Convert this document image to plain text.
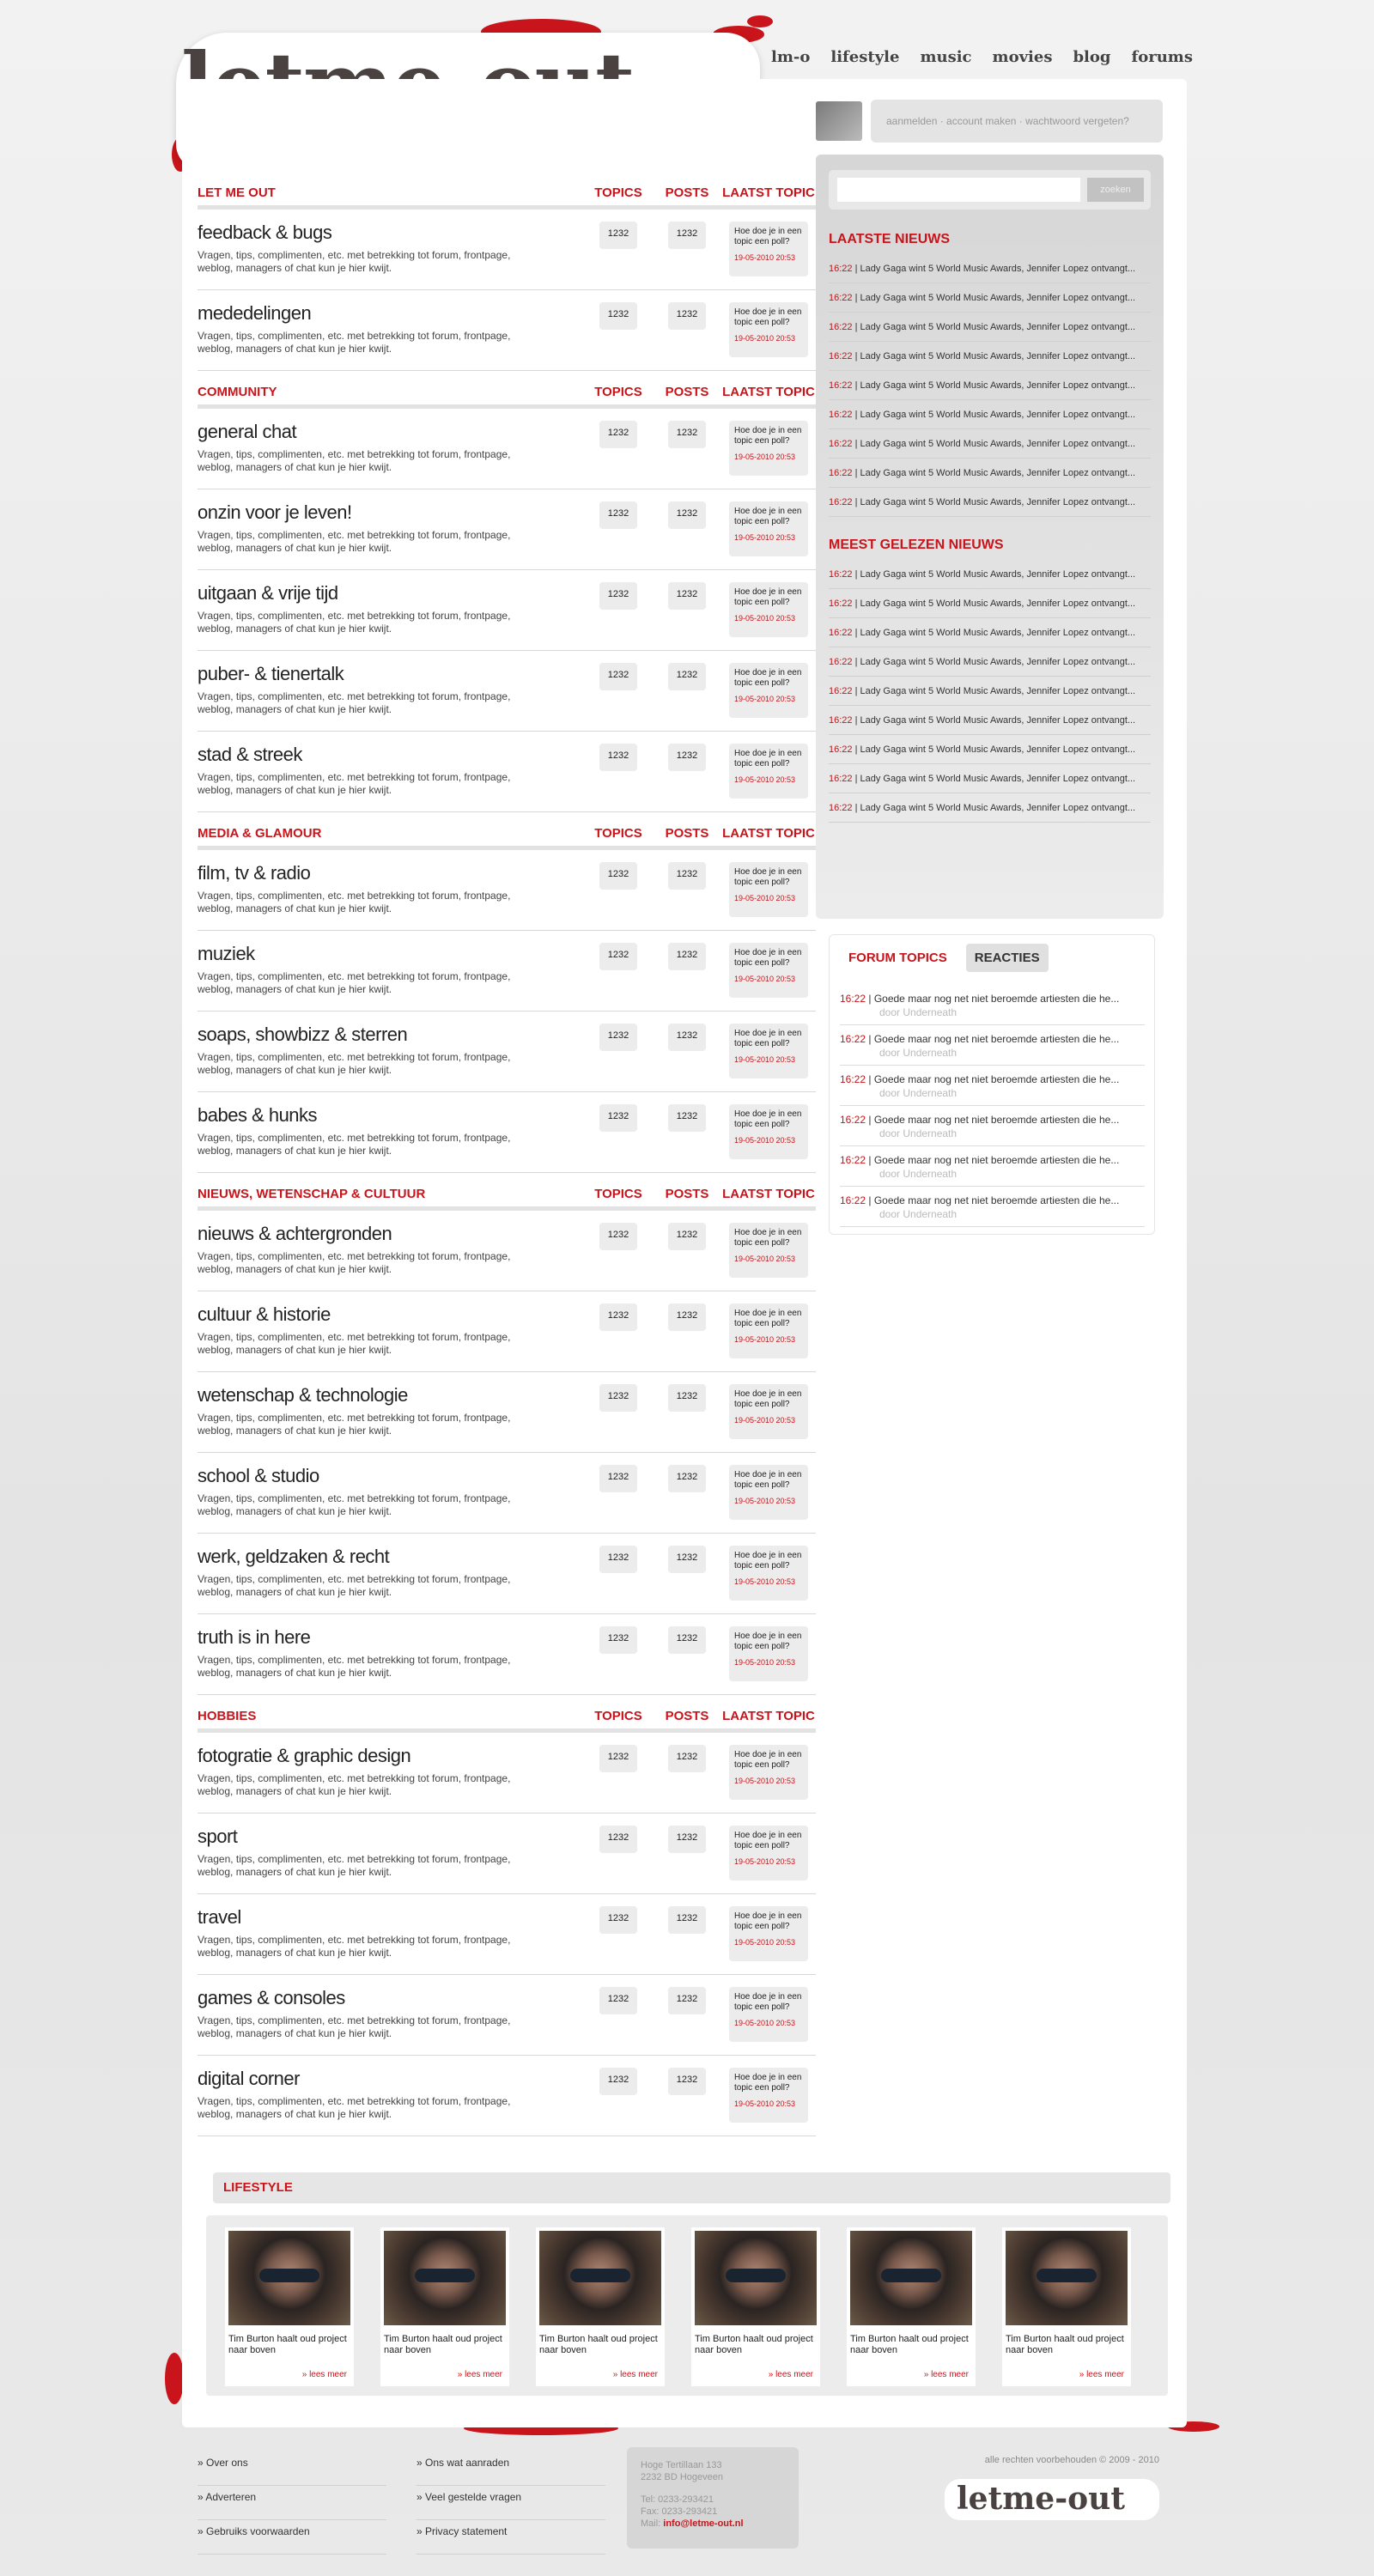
lm-o lifestyle music movies blog forums
aanmelden · account maken · wachtwoord vergeten?
LET ME OUT	TOPICS	POSTS	LAATST TOPIC
feedback & bugs
Vragen, tips, complimenten, etc. met betrekking tot forum, frontpage, weblog, managers of chat kun je hier kwijt.
1232	1232	Hoe doe je in een topic een poll?
19-05-2010 20:53
mededelingen
Vragen, tips, complimenten, etc. met betrekking tot forum, frontpage, weblog, managers of chat kun je hier kwijt.
1232	1232	Hoe doe je in een topic een poll?
19-05-2010 20:53
COMMUNITY	TOPICS	POSTS	LAATST TOPIC
general chat
Vragen, tips, complimenten, etc. met betrekking tot forum, frontpage, weblog, managers of chat kun je hier kwijt.
1232	1232	Hoe doe je in een topic een poll?
19-05-2010 20:53
onzin voor je leven!
Vragen, tips, complimenten, etc. met betrekking tot forum, frontpage, weblog, managers of chat kun je hier kwijt.
1232	1232	Hoe doe je in een topic een poll?
19-05-2010 20:53
uitgaan & vrije tijd
Vragen, tips, complimenten, etc. met betrekking tot forum, frontpage, weblog, managers of chat kun je hier kwijt.
1232	1232	Hoe doe je in een topic een poll?
19-05-2010 20:53
puber- & tienertalk
Vragen, tips, complimenten, etc. met betrekking tot forum, frontpage, weblog, managers of chat kun je hier kwijt.
1232	1232	Hoe doe je in een topic een poll?
19-05-2010 20:53
stad & streek
Vragen, tips, complimenten, etc. met betrekking tot forum, frontpage, weblog, managers of chat kun je hier kwijt.
1232	1232	Hoe doe je in een topic een poll?
19-05-2010 20:53
MEDIA & GLAMOUR	TOPICS	POSTS	LAATST TOPIC
film, tv & radio
Vragen, tips, complimenten, etc. met betrekking tot forum, frontpage, weblog, managers of chat kun je hier kwijt.
1232	1232	Hoe doe je in een topic een poll?
19-05-2010 20:53
muziek
Vragen, tips, complimenten, etc. met betrekking tot forum, frontpage, weblog, managers of chat kun je hier kwijt.
1232	1232	Hoe doe je in een topic een poll?
19-05-2010 20:53
soaps, showbizz & sterren
Vragen, tips, complimenten, etc. met betrekking tot forum, frontpage, weblog, managers of chat kun je hier kwijt.
1232	1232	Hoe doe je in een topic een poll?
19-05-2010 20:53
babes & hunks
Vragen, tips, complimenten, etc. met betrekking tot forum, frontpage, weblog, managers of chat kun je hier kwijt.
1232	1232	Hoe doe je in een topic een poll?
19-05-2010 20:53
NIEUWS, WETENSCHAP & CULTUUR	TOPICS	POSTS	LAATST TOPIC
nieuws & achtergronden
Vragen, tips, complimenten, etc. met betrekking tot forum, frontpage, weblog, managers of chat kun je hier kwijt.
1232	1232	Hoe doe je in een topic een poll?
19-05-2010 20:53
cultuur & historie
Vragen, tips, complimenten, etc. met betrekking tot forum, frontpage, weblog, managers of chat kun je hier kwijt.
1232	1232	Hoe doe je in een topic een poll?
19-05-2010 20:53
wetenschap & technologie
Vragen, tips, complimenten, etc. met betrekking tot forum, frontpage, weblog, managers of chat kun je hier kwijt.
1232	1232	Hoe doe je in een topic een poll?
19-05-2010 20:53
school & studio
Vragen, tips, complimenten, etc. met betrekking tot forum, frontpage, weblog, managers of chat kun je hier kwijt.
1232	1232	Hoe doe je in een topic een poll?
19-05-2010 20:53
werk, geldzaken & recht
Vragen, tips, complimenten, etc. met betrekking tot forum, frontpage, weblog, managers of chat kun je hier kwijt.
1232	1232	Hoe doe je in een topic een poll?
19-05-2010 20:53
truth is in here
Vragen, tips, complimenten, etc. met betrekking tot forum, frontpage, weblog, managers of chat kun je hier kwijt.
1232	1232	Hoe doe je in een topic een poll?
19-05-2010 20:53
HOBBIES	TOPICS	POSTS	LAATST TOPIC
fotogratie & graphic design
Vragen, tips, complimenten, etc. met betrekking tot forum, frontpage, weblog, managers of chat kun je hier kwijt.
1232	1232	Hoe doe je in een topic een poll?
19-05-2010 20:53
sport
Vragen, tips, complimenten, etc. met betrekking tot forum, frontpage, weblog, managers of chat kun je hier kwijt.
1232	1232	Hoe doe je in een topic een poll?
19-05-2010 20:53
travel
Vragen, tips, complimenten, etc. met betrekking tot forum, frontpage, weblog, managers of chat kun je hier kwijt.
1232	1232	Hoe doe je in een topic een poll?
19-05-2010 20:53
games & consoles
Vragen, tips, complimenten, etc. met betrekking tot forum, frontpage, weblog, managers of chat kun je hier kwijt.
1232	1232	Hoe doe je in een topic een poll?
19-05-2010 20:53
digital corner
Vragen, tips, complimenten, etc. met betrekking tot forum, frontpage, weblog, managers of chat kun je hier kwijt.
1232	1232	Hoe doe je in een topic een poll?
19-05-2010 20:53
zoeken
LAATSTE NIEUWS
16:22 | Lady Gaga wint 5 World Music Awards, Jennifer Lopez ontvangt...
16:22 | Lady Gaga wint 5 World Music Awards, Jennifer Lopez ontvangt...
16:22 | Lady Gaga wint 5 World Music Awards, Jennifer Lopez ontvangt...
16:22 | Lady Gaga wint 5 World Music Awards, Jennifer Lopez ontvangt...
16:22 | Lady Gaga wint 5 World Music Awards, Jennifer Lopez ontvangt...
16:22 | Lady Gaga wint 5 World Music Awards, Jennifer Lopez ontvangt...
16:22 | Lady Gaga wint 5 World Music Awards, Jennifer Lopez ontvangt...
16:22 | Lady Gaga wint 5 World Music Awards, Jennifer Lopez ontvangt...
16:22 | Lady Gaga wint 5 World Music Awards, Jennifer Lopez ontvangt...
MEEST GELEZEN NIEUWS
16:22 | Lady Gaga wint 5 World Music Awards, Jennifer Lopez ontvangt...
16:22 | Lady Gaga wint 5 World Music Awards, Jennifer Lopez ontvangt...
16:22 | Lady Gaga wint 5 World Music Awards, Jennifer Lopez ontvangt...
16:22 | Lady Gaga wint 5 World Music Awards, Jennifer Lopez ontvangt...
16:22 | Lady Gaga wint 5 World Music Awards, Jennifer Lopez ontvangt...
16:22 | Lady Gaga wint 5 World Music Awards, Jennifer Lopez ontvangt...
16:22 | Lady Gaga wint 5 World Music Awards, Jennifer Lopez ontvangt...
16:22 | Lady Gaga wint 5 World Music Awards, Jennifer Lopez ontvangt...
16:22 | Lady Gaga wint 5 World Music Awards, Jennifer Lopez ontvangt...
FORUM TOPICS	REACTIES
16:22 | Goede maar nog net niet beroemde artiesten die he...
door Underneath
16:22 | Goede maar nog net niet beroemde artiesten die he...
door Underneath
16:22 | Goede maar nog net niet beroemde artiesten die he...
door Underneath
16:22 | Goede maar nog net niet beroemde artiesten die he...
door Underneath
16:22 | Goede maar nog net niet beroemde artiesten die he...
door Underneath
16:22 | Goede maar nog net niet beroemde artiesten die he...
door Underneath
LIFESTYLE
Tim Burton haalt oud project naar boven
» lees meer
Tim Burton haalt oud project naar boven
» lees meer
Tim Burton haalt oud project naar boven
» lees meer
Tim Burton haalt oud project naar boven
» lees meer
Tim Burton haalt oud project naar boven
» lees meer
Tim Burton haalt oud project naar boven
» lees meer
» Over ons
» Adverteren
» Gebruiks voorwaarden
» Ons wat aanraden
» Veel gestelde vragen
» Privacy statement
Hoge Tertillaan 133
2232 BD Hogeveen
Tel: 0233-293421
Fax: 0233-293421
Mail: info@letme-out.nl
alle rechten voorbehouden © 2009 - 2010
letme-out
